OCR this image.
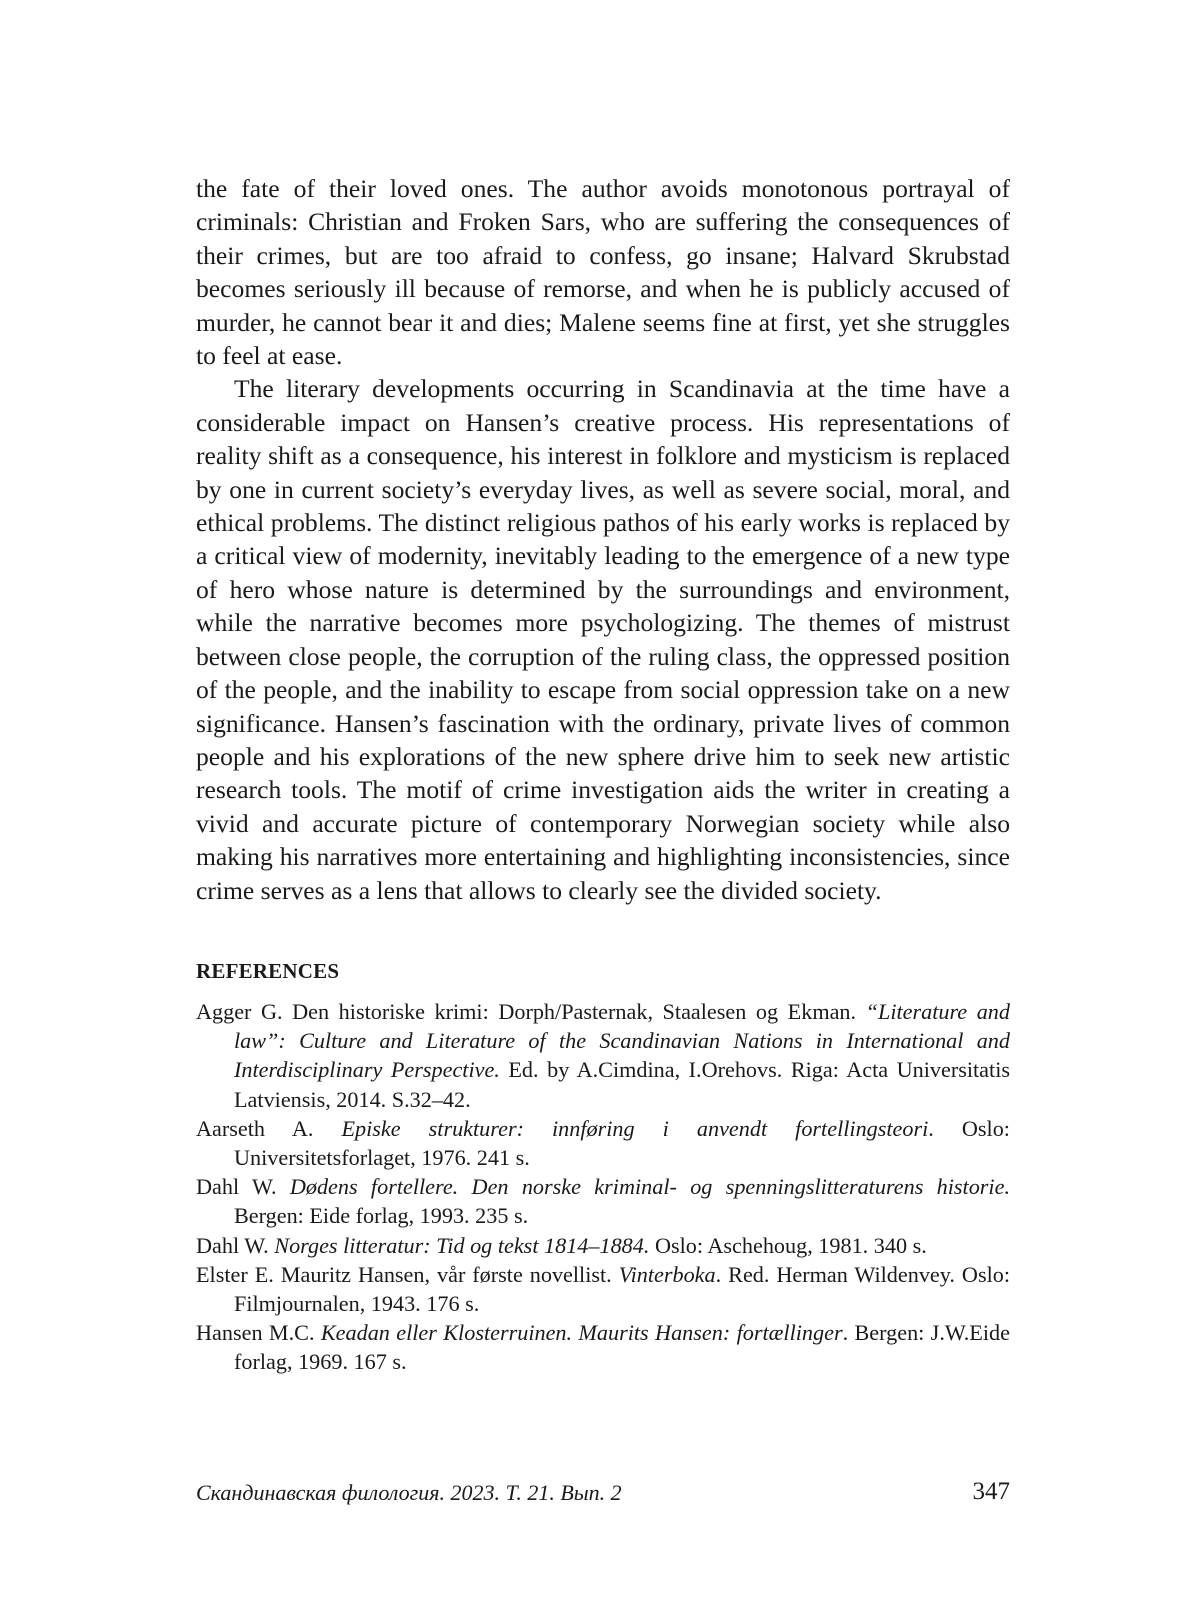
the fate of their loved ones. The author avoids monotonous portrayal of criminals: Christian and Froken Sars, who are suffering the consequences of their crimes, but are too afraid to confess, go insane; Halvard Skrubstad becomes seriously ill because of remorse, and when he is publicly accused of murder, he cannot bear it and dies; Malene seems fine at first, yet she struggles to feel at ease.

The literary developments occurring in Scandinavia at the time have a considerable impact on Hansen’s creative process. His representations of reality shift as a consequence, his interest in folklore and mysticism is replaced by one in current society’s everyday lives, as well as severe social, moral, and ethical problems. The distinct religious pathos of his early works is replaced by a critical view of modernity, inevitably leading to the emergence of a new type of hero whose nature is determined by the surroundings and environment, while the narrative becomes more psychologizing. The themes of mistrust between close people, the corruption of the ruling class, the oppressed position of the people, and the inability to escape from social oppression take on a new significance. Hansen’s fascination with the ordinary, private lives of common people and his explorations of the new sphere drive him to seek new artistic research tools. The motif of crime investigation aids the writer in creating a vivid and accurate picture of contemporary Norwegian society while also making his narratives more entertaining and highlighting inconsistencies, since crime serves as a lens that allows to clearly see the divided society.

REFERENCES
Agger G. Den historiske krimi: Dorph/Pasternak, Staalesen og Ekman. “Literature and law”: Culture and Literature of the Scandinavian Nations in International and Interdisciplinary Perspective. Ed. by A.Cimdina, I.Orehovs. Riga: Acta Universitatis Latviensis, 2014. S.32–42.
Aarseth A. Episke strukturer: innføring i anvendt fortellingsteori. Oslo: Universitetsforlaget, 1976. 241 s.
Dahl W. Dødens fortellere. Den norske kriminal- og spenningslitteraturens historie. Bergen: Eide forlag, 1993. 235 s.
Dahl W. Norges litteratur: Tid og tekst 1814–1884. Oslo: Aschehoug, 1981. 340 s.
Elster E. Mauritz Hansen, vår første novellist. Vinterboka. Red. Herman Wildenvey. Oslo: Filmjournalen, 1943. 176 s.
Hansen M.C. Keadan eller Klosterruinen. Maurits Hansen: fortællinger. Bergen: J.W.Eide forlag, 1969. 167 s.
Скандинавская филология. 2023. Т. 21. Вып. 2	347
